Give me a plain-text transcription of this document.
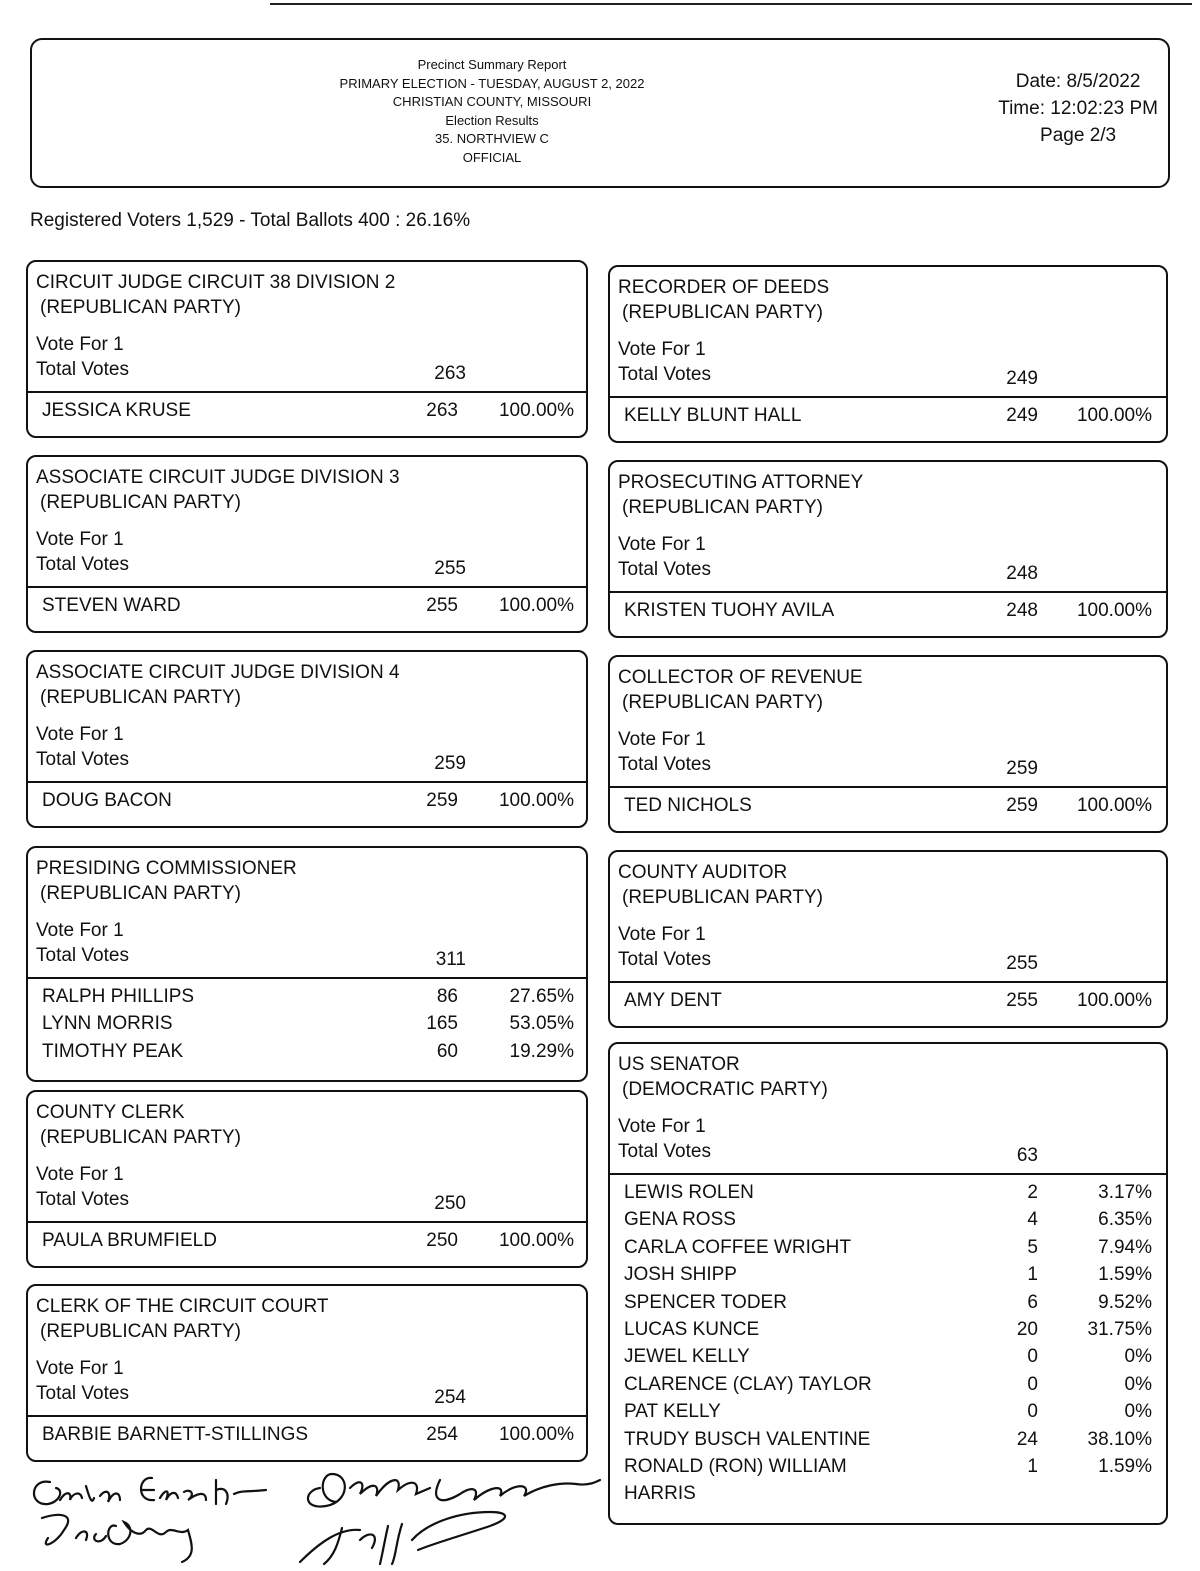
Precinct Summary Report
PRIMARY ELECTION - TUESDAY, AUGUST 2, 2022
CHRISTIAN COUNTY, MISSOURI
Election Results
35. NORTHVIEW C
OFFICIAL
Date: 8/5/2022
Time: 12:02:23 PM
Page 2/3
Registered Voters 1,529 - Total Ballots 400 : 26.16%
CIRCUIT JUDGE CIRCUIT 38 DIVISION 2
(REPUBLICAN PARTY)
Vote For 1
Total Votes	263
JESSICA KRUSE	263	100.00%
ASSOCIATE CIRCUIT JUDGE DIVISION 3
(REPUBLICAN PARTY)
Vote For 1
Total Votes	255
STEVEN WARD	255	100.00%
ASSOCIATE CIRCUIT JUDGE DIVISION 4
(REPUBLICAN PARTY)
Vote For 1
Total Votes	259
DOUG BACON	259	100.00%
PRESIDING COMMISSIONER
(REPUBLICAN PARTY)
Vote For 1
Total Votes	311
RALPH PHILLIPS	86	27.65%
LYNN MORRIS	165	53.05%
TIMOTHY PEAK	60	19.29%
COUNTY CLERK
(REPUBLICAN PARTY)
Vote For 1
Total Votes	250
PAULA BRUMFIELD	250	100.00%
CLERK OF THE CIRCUIT COURT
(REPUBLICAN PARTY)
Vote For 1
Total Votes	254
BARBIE BARNETT-STILLINGS	254	100.00%
RECORDER OF DEEDS
(REPUBLICAN PARTY)
Vote For 1
Total Votes	249
KELLY BLUNT HALL	249	100.00%
PROSECUTING ATTORNEY
(REPUBLICAN PARTY)
Vote For 1
Total Votes	248
KRISTEN TUOHY AVILA	248	100.00%
COLLECTOR OF REVENUE
(REPUBLICAN PARTY)
Vote For 1
Total Votes	259
TED NICHOLS	259	100.00%
COUNTY AUDITOR
(REPUBLICAN PARTY)
Vote For 1
Total Votes	255
AMY DENT	255	100.00%
US SENATOR
(DEMOCRATIC PARTY)
Vote For 1
Total Votes	63
LEWIS ROLEN	2	3.17%
GENA ROSS	4	6.35%
CARLA COFFEE WRIGHT	5	7.94%
JOSH SHIPP	1	1.59%
SPENCER TODER	6	9.52%
LUCAS KUNCE	20	31.75%
JEWEL KELLY	0	0%
CLARENCE (CLAY) TAYLOR	0	0%
PAT KELLY	0	0%
TRUDY BUSCH VALENTINE	24	38.10%
RONALD (RON) WILLIAM	1	1.59%
HARRIS
